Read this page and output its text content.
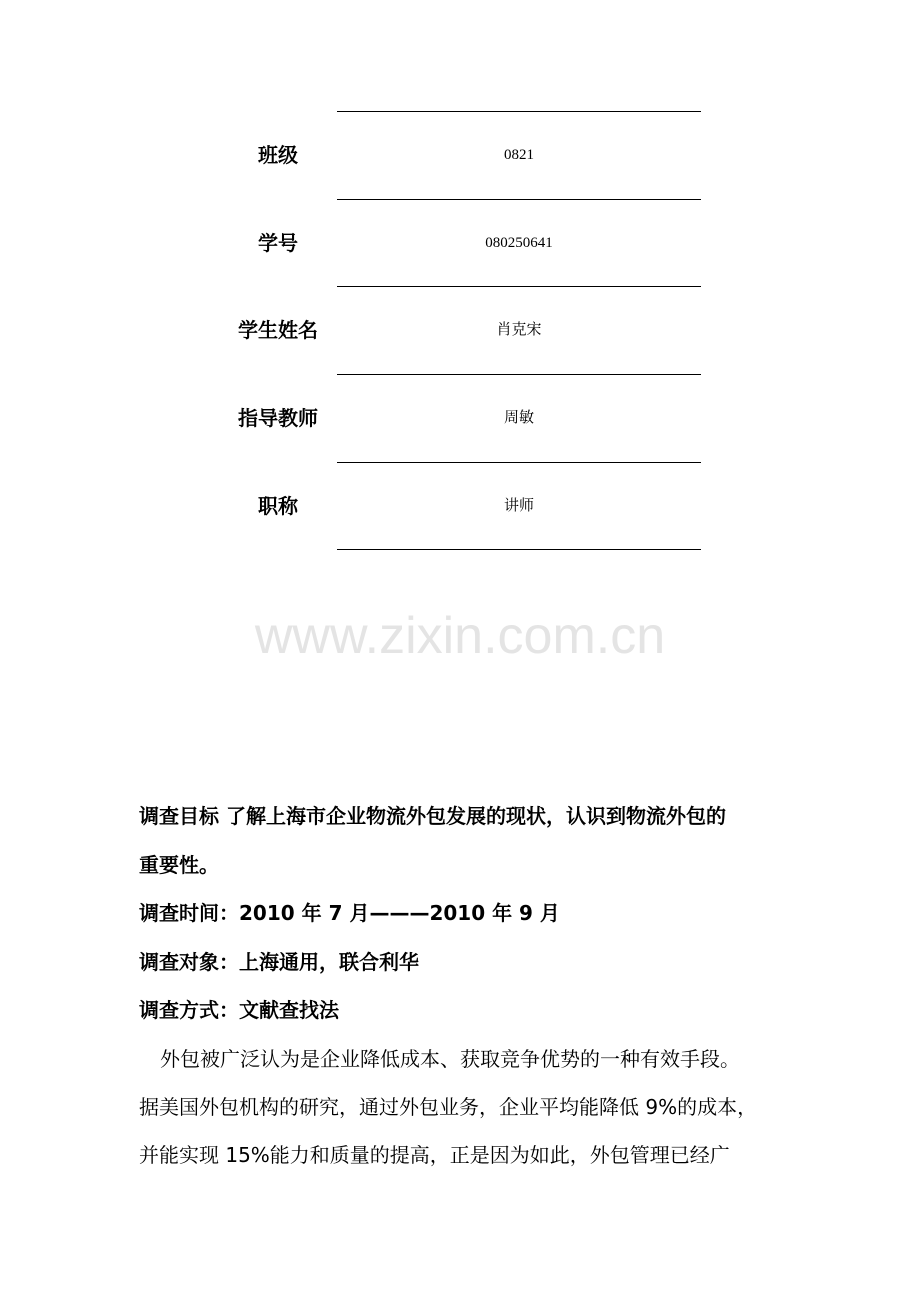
班级	0821
学号	080250641
学生姓名	肖克宋
指导教师	周敏
职称	讲师
www.zixin.com.cn
调查目标 了解上海市企业物流外包发展的现状，认识到物流外包的
重要性。
调查时间：2010 年 7 月———2010 年 9 月
调查对象：上海通用，联合利华
调查方式：文献查找法
外包被广泛认为是企业降低成本、获取竞争优势的一种有效手段。
据美国外包机构的研究，通过外包业务，企业平均能降低 9%的成本，
并能实现 15%能力和质量的提高，正是因为如此，外包管理已经广
